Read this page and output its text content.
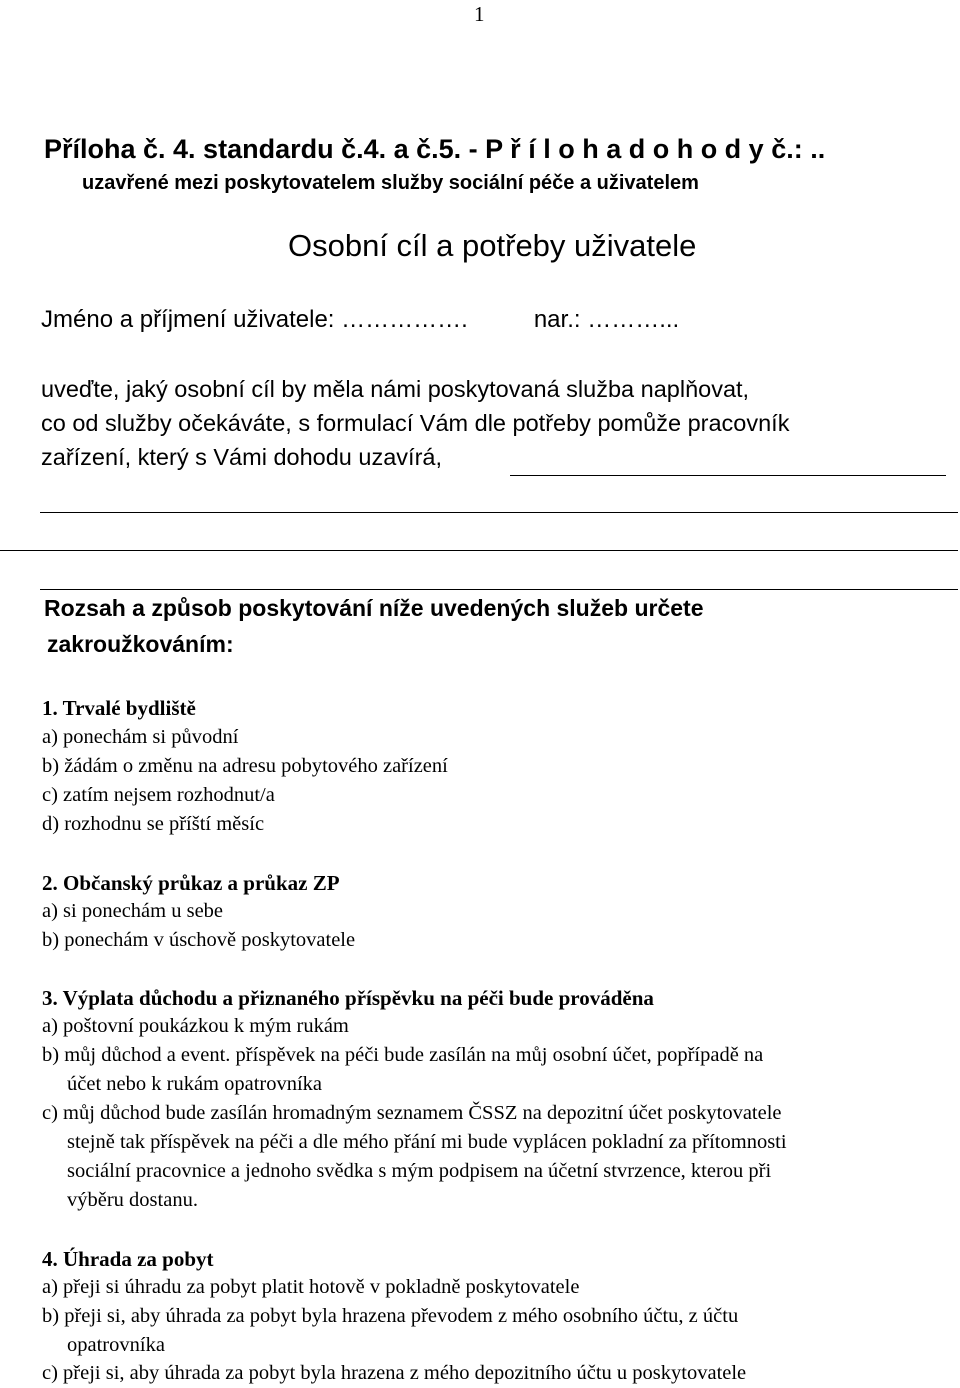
1
Příloha č. 4. standardu č.4. a č.5. - P ř í l o h a d o h o d y č.: ..
uzavřené mezi poskytovatelem služby sociální péče a uživatelem
Osobní cíl a potřeby uživatele
Jméno a příjmení uživatele: …………….	nar.: ………...
uveďte, jaký osobní cíl by měla námi poskytovaná služba naplňovat,
co od služby očekáváte, s formulací Vám dle potřeby pomůže pracovník
zařízení, který s Vámi dohodu uzavírá,
Rozsah a způsob poskytování níže uvedených služeb určete
zakroužkováním:
1. Trvalé bydliště
a) ponechám si původní
b) žádám o změnu na adresu pobytového zařízení
c) zatím nejsem rozhodnut/a
d) rozhodnu se příští měsíc
2. Občanský průkaz a průkaz ZP
a) si ponechám u sebe
b) ponechám v úschově poskytovatele
3. Výplata důchodu a přiznaného příspěvku na péči bude prováděna
a) poštovní poukázkou k mým rukám
b) můj důchod a event. příspěvek na péči bude zasílán na můj osobní účet, popřípadě na
účet nebo k rukám opatrovníka
c) můj důchod bude zasílán hromadným seznamem ČSSZ na depozitní účet poskytovatele
stejně tak příspěvek na péči a dle mého přání mi bude vyplácen pokladní za přítomnosti
sociální pracovnice a jednoho svědka s mým podpisem na účetní stvrzence, kterou při
výběru dostanu.
4. Úhrada za pobyt
a) přeji si úhradu za pobyt platit hotově v pokladně poskytovatele
b) přeji si, aby úhrada za pobyt byla hrazena převodem z mého osobního účtu, z účtu
opatrovníka
c) přeji si, aby úhrada za pobyt byla hrazena z mého depozitního účtu u poskytovatele
